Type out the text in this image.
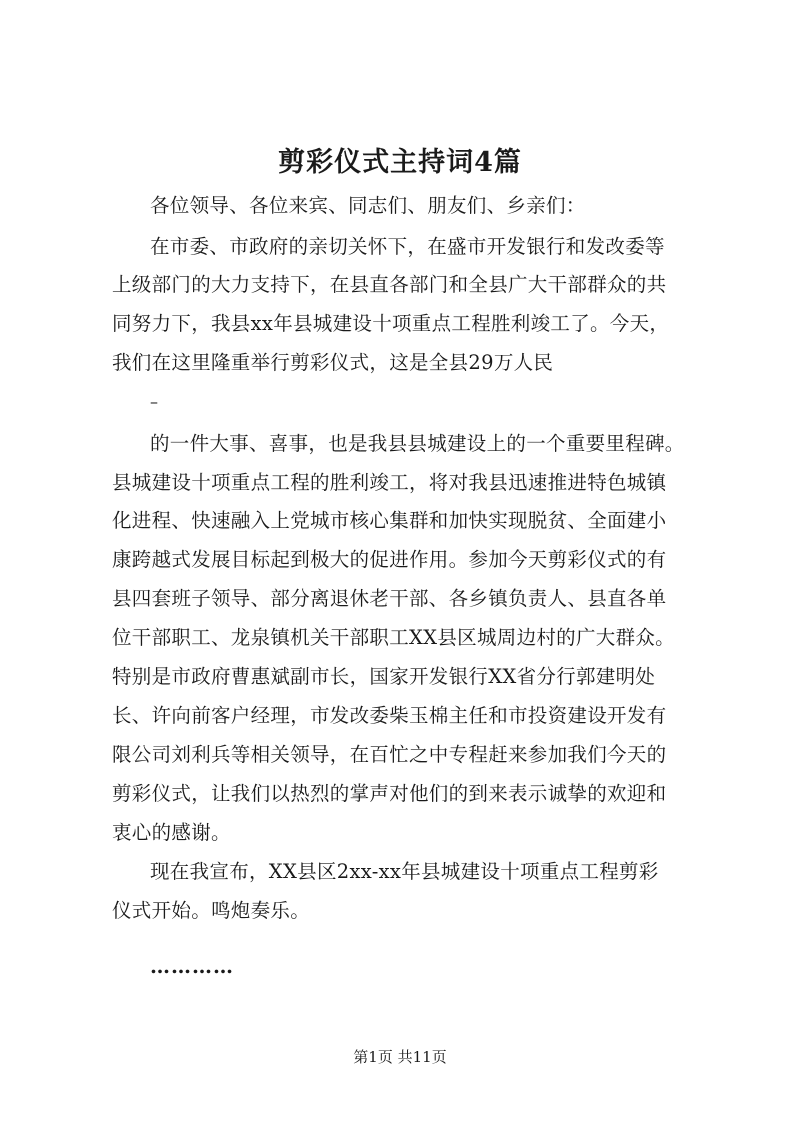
剪彩仪式主持词4篇
各位领导、各位来宾、同志们、朋友们、乡亲们：
在市委、市政府的亲切关怀下，在盛市开发银行和发改委等
上级部门的大力支持下，在县直各部门和全县广大干部群众的共
同努力下，我县xx年县城建设十项重点工程胜利竣工了。今天，
我们在这里隆重举行剪彩仪式，这是全县29万人民
–
的一件大事、喜事，也是我县县城建设上的一个重要里程碑。
县城建设十项重点工程的胜利竣工，将对我县迅速推进特色城镇
化进程、快速融入上党城市核心集群和加快实现脱贫、全面建小
康跨越式发展目标起到极大的促进作用。参加今天剪彩仪式的有
县四套班子领导、部分离退休老干部、各乡镇负责人、县直各单
位干部职工、龙泉镇机关干部职工XX县区城周边村的广大群众。
特别是市政府曹惠斌副市长，国家开发银行XX省分行郭建明处
长、许向前客户经理，市发改委柴玉棉主任和市投资建设开发有
限公司刘利兵等相关领导，在百忙之中专程赶来参加我们今天的
剪彩仪式，让我们以热烈的掌声对他们的到来表示诚挚的欢迎和
衷心的感谢。
现在我宣布，XX县区2xx-xx年县城建设十项重点工程剪彩
仪式开始。鸣炮奏乐。
…………
第1页 共11页
